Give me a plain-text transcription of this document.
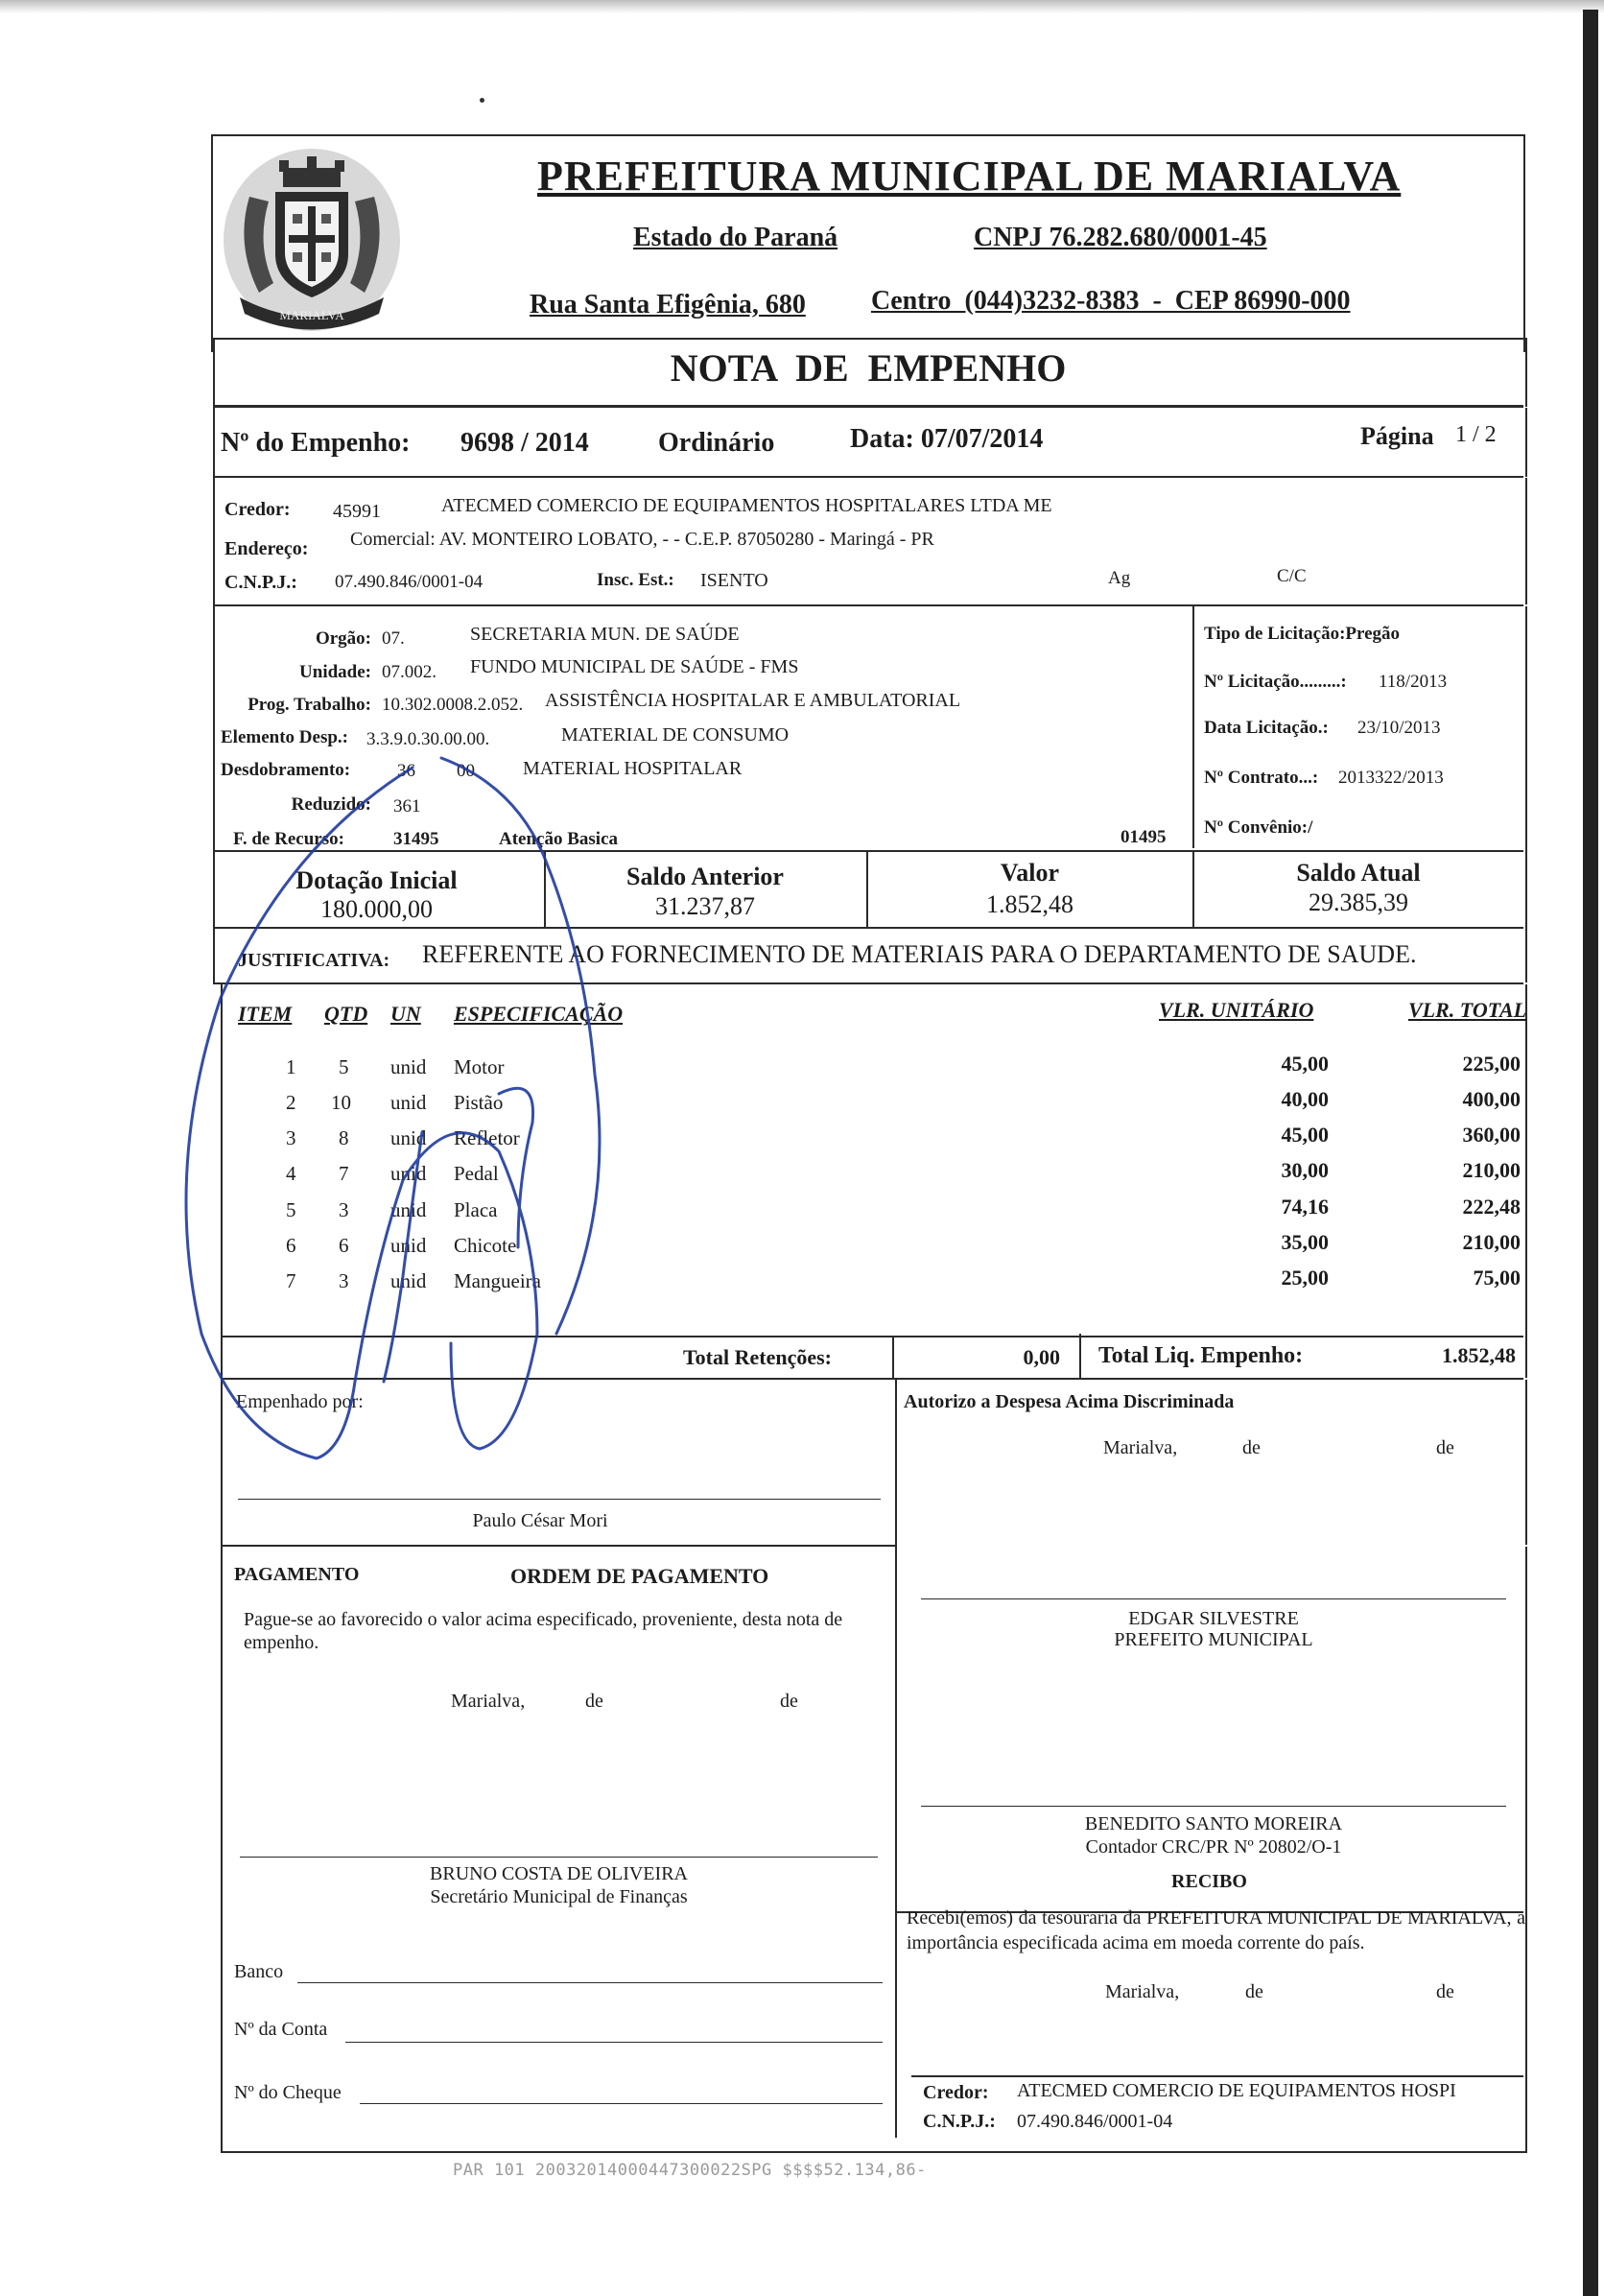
MARIALVA
PREFEITURA MUNICIPAL DE MARIALVA
Estado do Paraná	CNPJ 76.282.680/0001-45
Rua Santa Efigênia, 680 Centro  (044)3232-8383  -  CEP 86990-000
NOTA  DE  EMPENHO
Nº do Empenho: 9698 / 2014	Ordinário	Data: 07/07/2014	Página 1 / 2
Credor: 45991	ATECMED COMERCIO DE EQUIPAMENTOS HOSPITALARES LTDA ME
Endereço: Comercial: AV. MONTEIRO LOBATO, - - C.E.P. 87050280 - Maringá - PR
C.N.P.J.: 07.490.846/0001-04	Insc. Est.: ISENTO	Ag	C/C
Orgão: 07.	SECRETARIA MUN. DE SAÚDE
Unidade: 07.002. FUNDO MUNICIPAL DE SAÚDE - FMS
Prog. Trabalho: 10.302.0008.2.052. ASSISTÊNCIA HOSPITALAR E AMBULATORIAL
Elemento Desp.: 3.3.9.0.30.00.00.	MATERIAL DE CONSUMO
Desdobramento:	36 00	MATERIAL HOSPITALAR
Reduzido: 361
F. de Recurso:	31495	Atenção Basica	01495
Tipo de Licitação:Pregão
Nº Licitação.........: 118/2013
Data Licitação.: 23/10/2013
Nº Contrato...: 2013322/2013
Nº Convênio:/
Dotação Inicial
180.000,00
Saldo Anterior
31.237,87
Valor
1.852,48
Saldo Atual
29.385,39
JUSTIFICATIVA: REFERENTE AO FORNECIMENTO DE MATERIAIS PARA O DEPARTAMENTO DE SAUDE.
ITEM QTD UN ESPECIFICAÇÃO	VLR. UNITÁRIO	VLR. TOTAL
1 5 unid Motor	45,00	225,00
2 10 unid Pistão	40,00	400,00
3 8 unid Refletor	45,00	360,00
4 7 unid Pedal	30,00	210,00
5 3 unid Placa	74,16	222,48
6 6 unid Chicote	35,00	210,00
7 3 unid Mangueira	25,00	75,00
Total Retenções:	0,00 Total Liq. Empenho:	1.852,48
Empenhado por:
Paulo César Mori
Autorizo a Despesa Acima Discriminada
Marialva,	de	de
PAGAMENTO	ORDEM DE PAGAMENTO
Pague-se ao favorecido o valor acima especificado, proveniente, desta nota de empenho.
Marialva,	de	de
BRUNO COSTA DE OLIVEIRA
Secretário Municipal de Finanças
Banco
Nº da Conta
Nº do Cheque
EDGAR SILVESTRE
PREFEITO MUNICIPAL
BENEDITO SANTO MOREIRA
Contador CRC/PR Nº 20802/O-1
RECIBO
Recebi(emos) da tesouraria da PREFEITURA MUNICIPAL DE MARIALVA, a importância especificada acima em moeda corrente do país.
Marialva,	de	de
Credor: ATECMED COMERCIO DE EQUIPAMENTOS HOSPI
C.N.P.J.: 07.490.846/0001-04
PAR 101 20032014000447300022SPG $$$$52.134,86-
